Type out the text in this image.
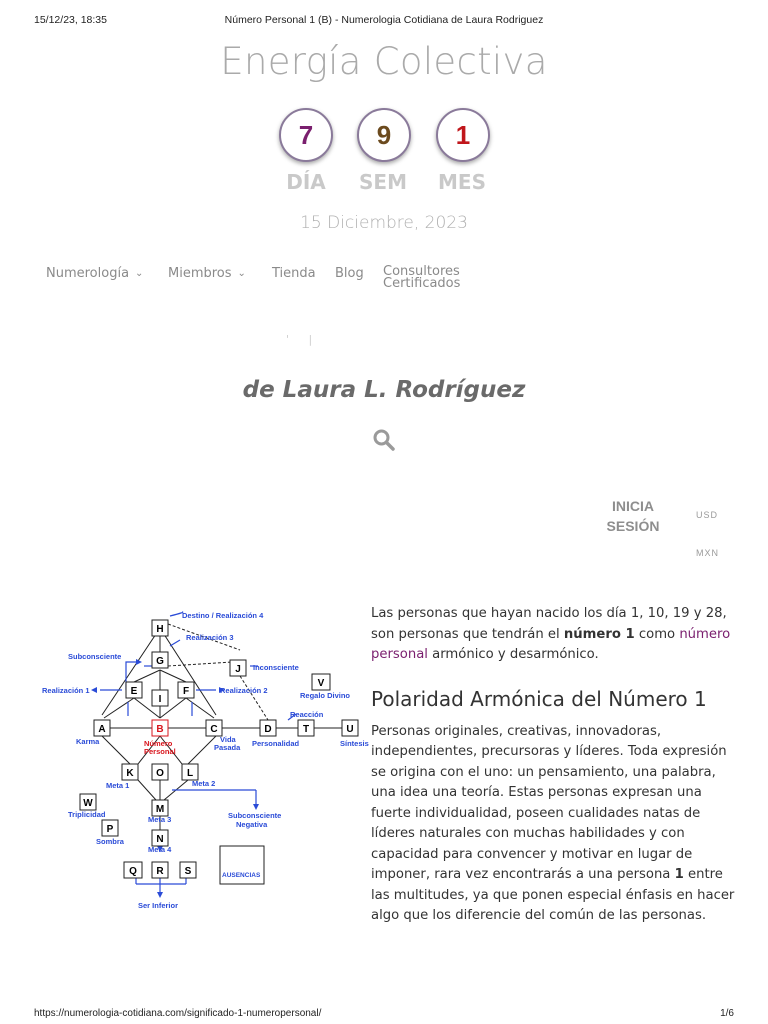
15/12/23, 18:35	Número Personal 1 (B) - Numerologia Cotidiana de Laura Rodriguez
Energía Colectiva
7	9	1
DÍA	SEM	MES
15 Diciembre, 2023
Numerología ⌄ Miembros ⌄ Tienda Blog Consultores
Certificados
' |
de Laura L. Rodríguez
INICIA
SESIÓN
USD
MXN
H
G
J
V
E
I
F
A	B	C	D	T	U
K O L
W
M
P
N
Q R S
Destino / Realización 4
Realización 3
Subconsciente
Inconsciente
Realización 1	Realización 2
Regalo Divino
Reacción
Karma	Número
Personal
Vida
Pasada Personalidad	Síntesis
Meta 1	Meta 2
Triplicidad
Meta 3	Subconsciente
Negativa
Sombra
Meta 4
AUSENCIAS
Ser Inferior

Las personas que hayan nacido los día 1, 10, 19 y 28, son personas que tendrán el número 1 como número personal armónico y desarmónico.

Polaridad Armónica del Número 1

Personas originales, creativas, innovadoras, independientes, precursoras y líderes. Toda expresión se origina con el uno: un pensamiento, una palabra, una idea una teoría. Estas personas expresan una fuerte individualidad, poseen cualidades natas de líderes naturales con muchas habilidades y con capacidad para convencer y motivar en lugar de imponer, rara vez encontrarás a una persona 1 entre las multitudes, ya que ponen especial énfasis en hacer algo que los diferencie del común de las personas.

https://numerologia-cotidiana.com/significado-1-numeropersonal/	1/6
